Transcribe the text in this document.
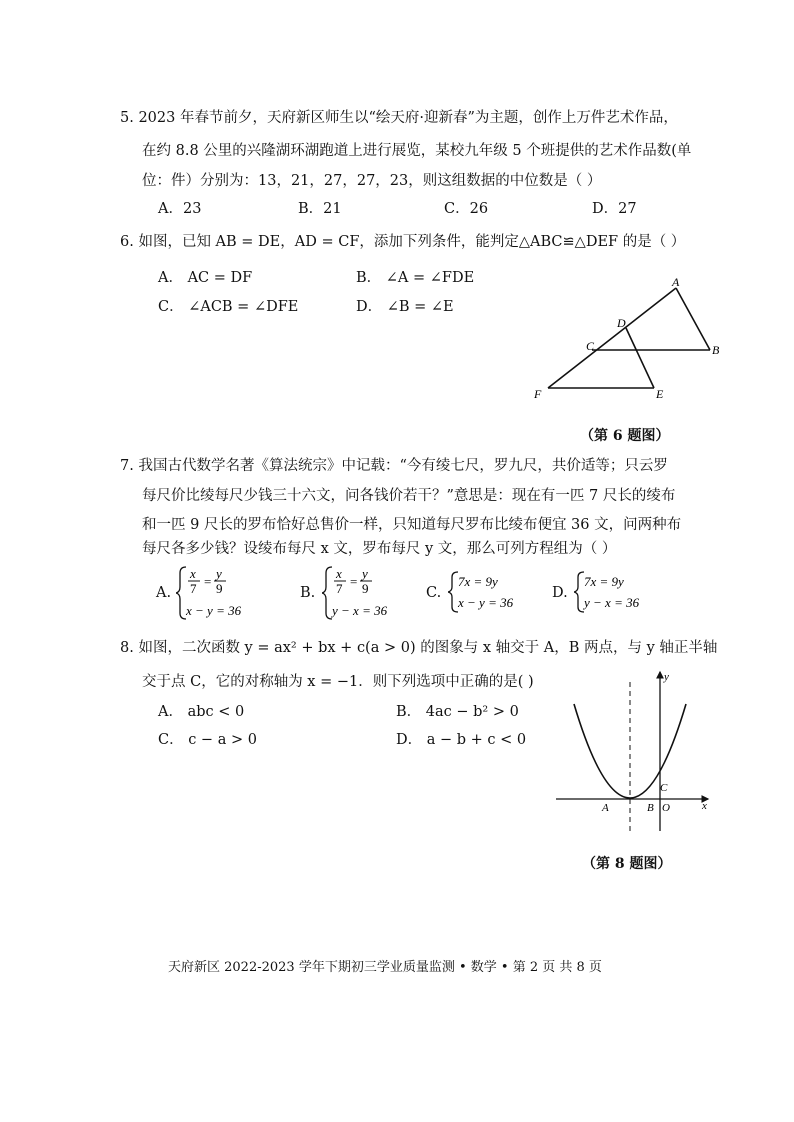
5. 2023 年春节前夕，天府新区师生以“绘天府·迎新春”为主题，创作上万件艺术作品，
在约 8.8 公里的兴隆湖环湖跑道上进行展览，某校九年级 5 个班提供的艺术作品数(单
位：件）分别为：13，21，27，27，23，则这组数据的中位数是（ ）
A．23	B．21	C．26	D．27
6. 如图，已知 AB = DE，AD = CF，添加下列条件，能判定△ABC≌△DEF 的是（ ）
A． AC = DF	B． ∠A = ∠FDE
C． ∠ACB = ∠DFE	D． ∠B = ∠E
A
B
C
D
E
F
（第 6 题图）
7. 我国古代数学名著《算法统宗》中记载：“今有绫七尺，罗九尺，共价适等；只云罗
每尺价比绫每尺少钱三十六文，问各钱价若干？”意思是：现在有一匹 7 尺长的绫布
和一匹 9 尺长的罗布恰好总售价一样，只知道每尺罗布比绫布便宜 36 文，问两种布
每尺各多少钱？设绫布每尺 x 文，罗布每尺 y 文，那么可列方程组为（ ）
A.
x
7 =
y
9
x − y = 36
B.
x
7 =
y
9
y − x = 36
C.
7x = 9y
x − y = 36
D.
7x = 9y
y − x = 36
8. 如图，二次函数 y = ax² + bx + c(a > 0) 的图象与 x 轴交于 A，B 两点，与 y 轴正半轴
交于点 C，它的对称轴为 x = −1．则下列选项中正确的是( )
A． abc < 0	B． 4ac − b² > 0
C． c − a > 0	D． a − b + c < 0
y
x
A	B O
C
（第 8 题图）
天府新区 2022-2023 学年下期初三学业质量监测 • 数学 • 第 2 页 共 8 页
